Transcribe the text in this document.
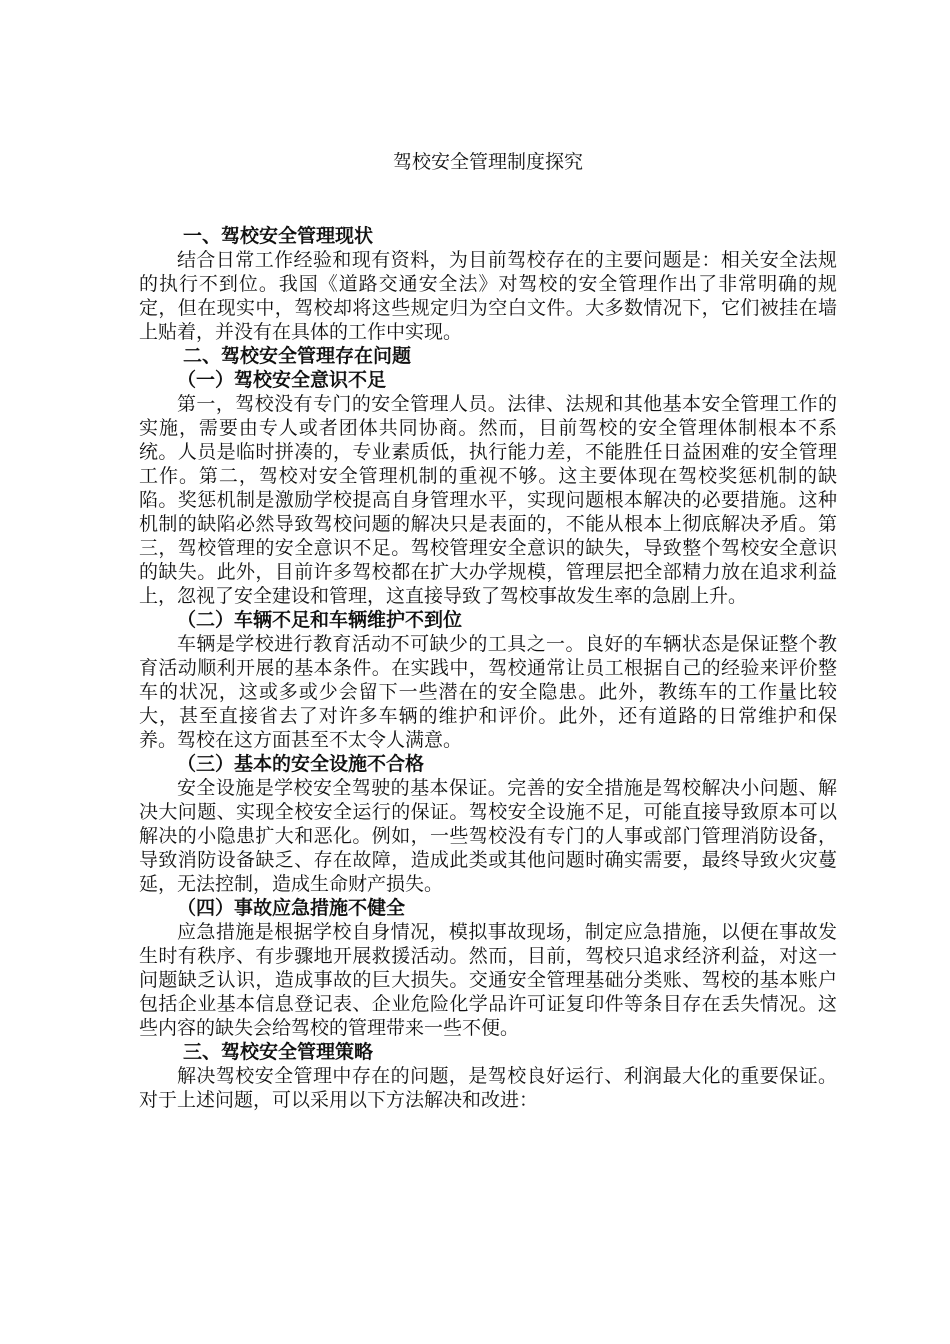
驾校安全管理制度探究
一、驾校安全管理现状

结合日常工作经验和现有资料，为目前驾校存在的主要问题是：相关安全法规的执行不到位。我国《道路交通安全法》对驾校的安全管理作出了非常明确的规定，但在现实中，驾校却将这些规定归为空白文件。大多数情况下，它们被挂在墙上贴着，并没有在具体的工作中实现。

二、驾校安全管理存在问题
（一）驾校安全意识不足

第一，驾校没有专门的安全管理人员。法律、法规和其他基本安全管理工作的实施，需要由专人或者团体共同协商。然而，目前驾校的安全管理体制根本不系统。人员是临时拼凑的，专业素质低，执行能力差，不能胜任日益困难的安全管理工作。第二，驾校对安全管理机制的重视不够。这主要体现在驾校奖惩机制的缺陷。奖惩机制是激励学校提高自身管理水平，实现问题根本解决的必要措施。这种机制的缺陷必然导致驾校问题的解决只是表面的，不能从根本上彻底解决矛盾。第三，驾校管理的安全意识不足。驾校管理安全意识的缺失，导致整个驾校安全意识的缺失。此外，目前许多驾校都在扩大办学规模，管理层把全部精力放在追求利益上，忽视了安全建设和管理，这直接导致了驾校事故发生率的急剧上升。

（二）车辆不足和车辆维护不到位

车辆是学校进行教育活动不可缺少的工具之一。良好的车辆状态是保证整个教育活动顺利开展的基本条件。在实践中，驾校通常让员工根据自己的经验来评价整车的状况，这或多或少会留下一些潜在的安全隐患。此外，教练车的工作量比较大，甚至直接省去了对许多车辆的维护和评价。此外，还有道路的日常维护和保养。驾校在这方面甚至不太令人满意。

（三）基本的安全设施不合格

安全设施是学校安全驾驶的基本保证。完善的安全措施是驾校解决小问题、解决大问题、实现全校安全运行的保证。驾校安全设施不足，可能直接导致原本可以解决的小隐患扩大和恶化。例如，一些驾校没有专门的人事或部门管理消防设备，导致消防设备缺乏、存在故障，造成此类或其他问题时确实需要，最终导致火灾蔓延，无法控制，造成生命财产损失。

（四）事故应急措施不健全

应急措施是根据学校自身情况，模拟事故现场，制定应急措施，以便在事故发生时有秩序、有步骤地开展救援活动。然而，目前，驾校只追求经济利益，对这一问题缺乏认识，造成事故的巨大损失。交通安全管理基础分类账、驾校的基本账户包括企业基本信息登记表、企业危险化学品许可证复印件等条目存在丢失情况。这些内容的缺失会给驾校的管理带来一些不便。

三、驾校安全管理策略

解决驾校安全管理中存在的问题，是驾校良好运行、利润最大化的重要保证。对于上述问题，可以采用以下方法解决和改进：
